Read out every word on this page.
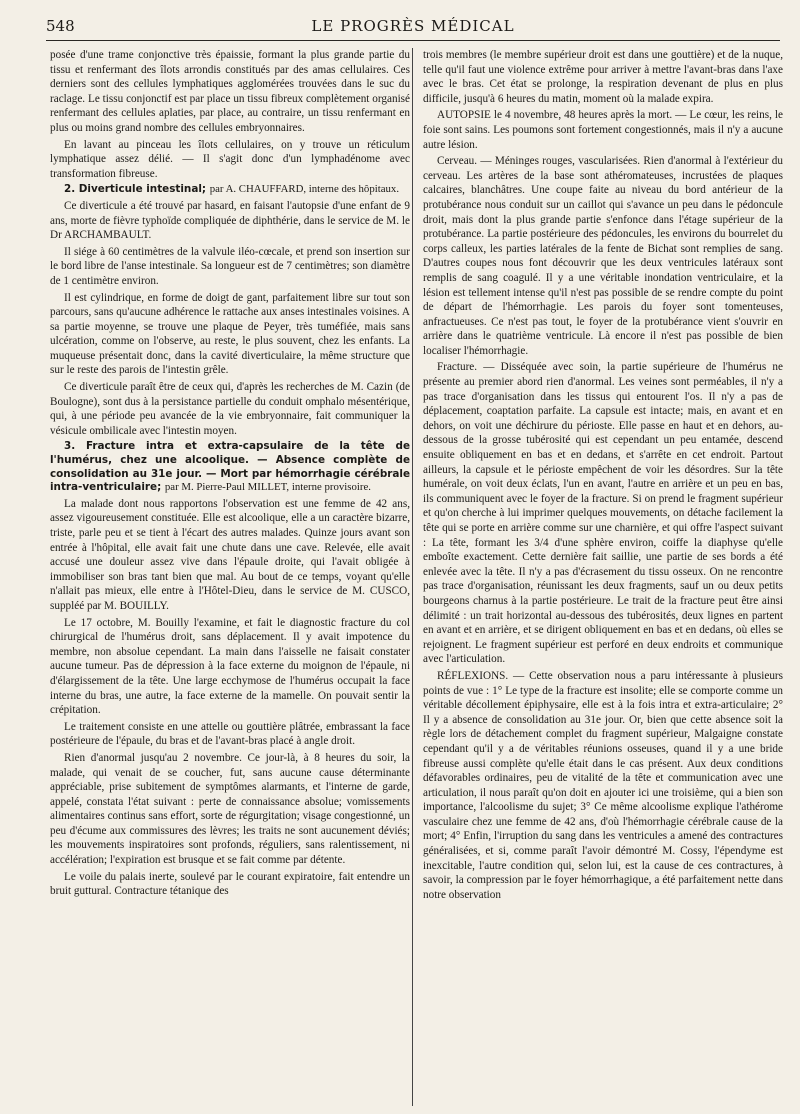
548	LE PROGRÈS MÉDICAL

posée d'une trame conjonctive très épaissie, formant la plus grande partie du tissu et renfermant des îlots arrondis constitués par des amas cellulaires. Ces derniers sont des cellules lymphatiques agglomérées trouvées dans le suc du raclage. Le tissu conjonctif est par place un tissu fibreux complètement organisé renfermant des cellules aplaties, par place, au contraire, un tissu renfermant en plus ou moins grand nombre des cellules embryonnaires.

En lavant au pinceau les îlots cellulaires, on y trouve un réticulum lymphatique assez délié. — Il s'agit donc d'un lymphadénome avec transformation fibreuse.

2. Diverticule intestinal; par A. CHAUFFARD, interne des hôpitaux.

Ce diverticule a été trouvé par hasard, en faisant l'autopsie d'une enfant de 9 ans, morte de fièvre typhoïde compliquée de diphthérie, dans le service de M. le Dr ARCHAMBAULT.

Il siége à 60 centimètres de la valvule iléo-cœcale, et prend son insertion sur le bord libre de l'anse intestinale. Sa longueur est de 7 centimètres; son diamètre de 1 centimètre environ.

Il est cylindrique, en forme de doigt de gant, parfaitement libre sur tout son parcours, sans qu'aucune adhérence le rattache aux anses intestinales voisines. A sa partie moyenne, se trouve une plaque de Peyer, très tuméfiée, mais sans ulcération, comme on l'observe, au reste, le plus souvent, chez les enfants. La muqueuse présentait donc, dans la cavité diverticulaire, la même structure que sur le reste des parois de l'intestin grêle.

Ce diverticule paraît être de ceux qui, d'après les recherches de M. Cazin (de Boulogne), sont dus à la persistance partielle du conduit omphalo mésentérique, qui, à une période peu avancée de la vie embryonnaire, fait communiquer la vésicule ombilicale avec l'intestin moyen.

3. Fracture intra et extra-capsulaire de la tête de l'humérus, chez une alcoolique. — Absence complète de consolidation au 31e jour. — Mort par hémorrhagie cérébrale intra-ventriculaire; par M. Pierre-Paul MILLET, interne provisoire.

La malade dont nous rapportons l'observation est une femme de 42 ans, assez vigoureusement constituée. Elle est alcoolique, elle a un caractère bizarre, triste, parle peu et se tient à l'écart des autres malades. Quinze jours avant son entrée à l'hôpital, elle avait fait une chute dans une cave. Relevée, elle avait accusé une douleur assez vive dans l'épaule droite, qui l'avait obligée à immobiliser son bras tant bien que mal. Au bout de ce temps, voyant qu'elle n'allait pas mieux, elle entre à l'Hôtel-Dieu, dans le service de M. CUSCO, suppléé par M. BOUILLY.

Le 17 octobre, M. Bouilly l'examine, et fait le diagnostic fracture du col chirurgical de l'humérus droit, sans déplacement. Il y avait impotence du membre, non absolue cependant. La main dans l'aisselle ne faisait constater aucune tumeur. Pas de dépression à la face externe du moignon de l'épaule, ni d'élargissement de la tête. Une large ecchymose de l'humérus occupait la face interne du bras, une autre, la face externe de la mamelle. On pouvait sentir la crépitation.

Le traitement consiste en une attelle ou gouttière plâtrée, embrassant la face postérieure de l'épaule, du bras et de l'avant-bras placé à angle droit.

Rien d'anormal jusqu'au 2 novembre. Ce jour-là, à 8 heures du soir, la malade, qui venait de se coucher, fut, sans aucune cause déterminante appréciable, prise subitement de symptômes alarmants, et l'interne de garde, appelé, constata l'état suivant : perte de connaissance absolue; vomissements alimentaires continus sans effort, sorte de régurgitation; visage congestionné, un peu d'écume aux commissures des lèvres; les traits ne sont aucunement déviés; les mouvements inspiratoires sont profonds, réguliers, sans ralentissement, ni accélération; l'expiration est brusque et se fait comme par détente.

Le voile du palais inerte, soulevé par le courant expiratoire, fait entendre un bruit guttural. Contracture tétanique des

trois membres (le membre supérieur droit est dans une gouttière) et de la nuque, telle qu'il faut une violence extrême pour arriver à mettre l'avant-bras dans l'axe avec le bras. Cet état se prolonge, la respiration devenant de plus en plus difficile, jusqu'à 6 heures du matin, moment où la malade expira.

AUTOPSIE le 4 novembre, 48 heures après la mort. — Le cœur, les reins, le foie sont sains. Les poumons sont fortement congestionnés, mais il n'y a aucune autre lésion.

Cerveau. — Méninges rouges, vascularisées. Rien d'anormal à l'extérieur du cerveau. Les artères de la base sont athéromateuses, incrustées de plaques calcaires, blanchâtres. Une coupe faite au niveau du bord antérieur de la protubérance nous conduit sur un caillot qui s'avance un peu dans le pédoncule droit, mais dont la plus grande partie s'enfonce dans l'étage supérieur de la protubérance. La partie postérieure des pédoncules, les environs du bourrelet du corps calleux, les parties latérales de la fente de Bichat sont remplies de sang. D'autres coupes nous font découvrir que les deux ventricules latéraux sont remplis de sang coagulé. Il y a une véritable inondation ventriculaire, et la lésion est tellement intense qu'il n'est pas possible de se rendre compte du point de départ de l'hémorrhagie. Les parois du foyer sont tomenteuses, anfractueuses. Ce n'est pas tout, le foyer de la protubérance vient s'ouvrir en arrière dans le quatrième ventricule. Là encore il n'est pas possible de bien localiser l'hémorrhagie.

Fracture. — Disséquée avec soin, la partie supérieure de l'humérus ne présente au premier abord rien d'anormal. Les veines sont perméables, il n'y a pas trace d'organisation dans les tissus qui entourent l'os. Il n'y a pas de déplacement, coaptation parfaite. La capsule est intacte; mais, en avant et en dehors, on voit une déchirure du périoste. Elle passe en haut et en dehors, au-dessous de la grosse tubérosité qui est cependant un peu entamée, descend ensuite obliquement en bas et en dedans, et s'arrête en cet endroit. Partout ailleurs, la capsule et le périoste empêchent de voir les désordres. Sur la tête humérale, on voit deux éclats, l'un en avant, l'autre en arrière et un peu en bas, ils communiquent avec le foyer de la fracture. Si on prend le fragment supérieur et qu'on cherche à lui imprimer quelques mouvements, on détache facilement la tête qui se porte en arrière comme sur une charnière, et qui offre l'aspect suivant : La tête, formant les 3/4 d'une sphère environ, coiffe la diaphyse qu'elle emboîte exactement. Cette dernière fait saillie, une partie de ses bords a été enlevée avec la tête. Il n'y a pas d'écrasement du tissu osseux. On ne rencontre pas trace d'organisation, réunissant les deux fragments, sauf un ou deux petits bourgeons charnus à la partie postérieure. Le trait de la fracture peut être ainsi délimité : un trait horizontal au-dessous des tubérosités, deux lignes en partent en avant et en arrière, et se dirigent obliquement en bas et en dedans, où elles se rejoignent. Le fragment supérieur est perforé en deux endroits et communique avec l'articulation.

RÉFLEXIONS. — Cette observation nous a paru intéressante à plusieurs points de vue : 1° Le type de la fracture est insolite; elle se comporte comme un véritable décollement épiphysaire, elle est à la fois intra et extra-articulaire; 2° Il y a absence de consolidation au 31e jour. Or, bien que cette absence soit la règle lors de détachement complet du fragment supérieur, Malgaigne constate cependant qu'il y a de véritables réunions osseuses, quand il y a une bride fibreuse aussi complète qu'elle était dans le cas présent. Aux deux conditions défavorables ordinaires, peu de vitalité de la tête et communication avec une articulation, il nous paraît qu'on doit en ajouter ici une troisième, qui a bien son importance, l'alcoolisme du sujet; 3° Ce même alcoolisme explique l'athérome vasculaire chez une femme de 42 ans, d'où l'hémorrhagie cérébrale cause de la mort; 4° Enfin, l'irruption du sang dans les ventricules a amené des contractures généralisées, et si, comme paraît l'avoir démontré M. Cossy, l'épendyme est inexcitable, l'autre condition qui, selon lui, est la cause de ces contractures, à savoir, la compression par le foyer hémorrhagique, a été parfaitement nette dans notre observation
